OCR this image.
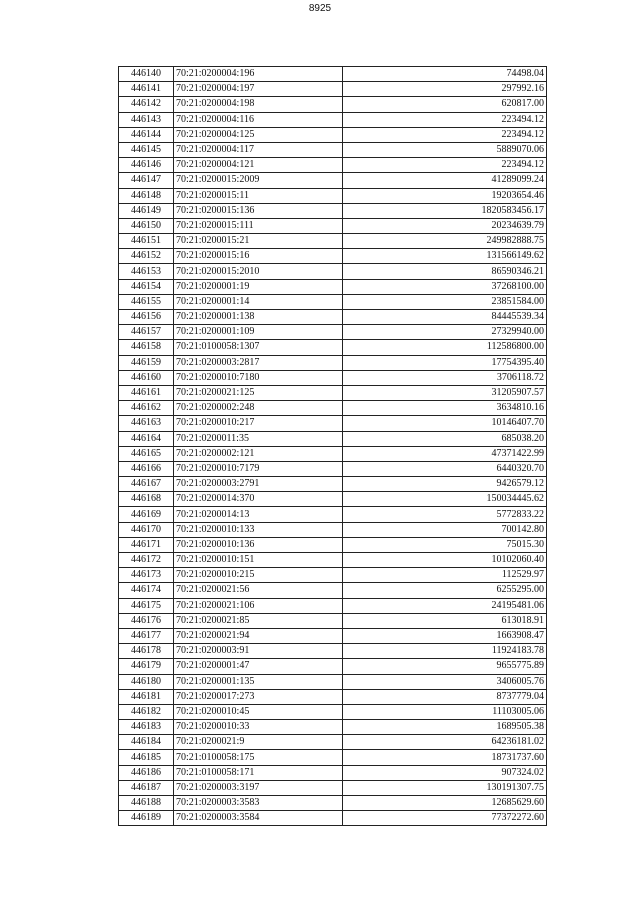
8925
446140	70:21:0200004:196	74498.04
446141	70:21:0200004:197	297992.16
446142	70:21:0200004:198	620817.00
446143	70:21:0200004:116	223494.12
446144	70:21:0200004:125	223494.12
446145	70:21:0200004:117	5889070.06
446146	70:21:0200004:121	223494.12
446147	70:21:0200015:2009	41289099.24
446148	70:21:0200015:11	19203654.46
446149	70:21:0200015:136	1820583456.17
446150	70:21:0200015:111	20234639.79
446151	70:21:0200015:21	249982888.75
446152	70:21:0200015:16	131566149.62
446153	70:21:0200015:2010	86590346.21
446154	70:21:0200001:19	37268100.00
446155	70:21:0200001:14	23851584.00
446156	70:21:0200001:138	84445539.34
446157	70:21:0200001:109	27329940.00
446158	70:21:0100058:1307	112586800.00
446159	70:21:0200003:2817	17754395.40
446160	70:21:0200010:7180	3706118.72
446161	70:21:0200021:125	31205907.57
446162	70:21:0200002:248	3634810.16
446163	70:21:0200010:217	10146407.70
446164	70:21:0200011:35	685038.20
446165	70:21:0200002:121	47371422.99
446166	70:21:0200010:7179	6440320.70
446167	70:21:0200003:2791	9426579.12
446168	70:21:0200014:370	150034445.62
446169	70:21:0200014:13	5772833.22
446170	70:21:0200010:133	700142.80
446171	70:21:0200010:136	75015.30
446172	70:21:0200010:151	10102060.40
446173	70:21:0200010:215	112529.97
446174	70:21:0200021:56	6255295.00
446175	70:21:0200021:106	24195481.06
446176	70:21:0200021:85	613018.91
446177	70:21:0200021:94	1663908.47
446178	70:21:0200003:91	11924183.78
446179	70:21:0200001:47	9655775.89
446180	70:21:0200001:135	3406005.76
446181	70:21:0200017:273	8737779.04
446182	70:21:0200010:45	11103005.06
446183	70:21:0200010:33	1689505.38
446184	70:21:0200021:9	64236181.02
446185	70:21:0100058:175	18731737.60
446186	70:21:0100058:171	907324.02
446187	70:21:0200003:3197	130191307.75
446188	70:21:0200003:3583	12685629.60
446189	70:21:0200003:3584	77372272.60
